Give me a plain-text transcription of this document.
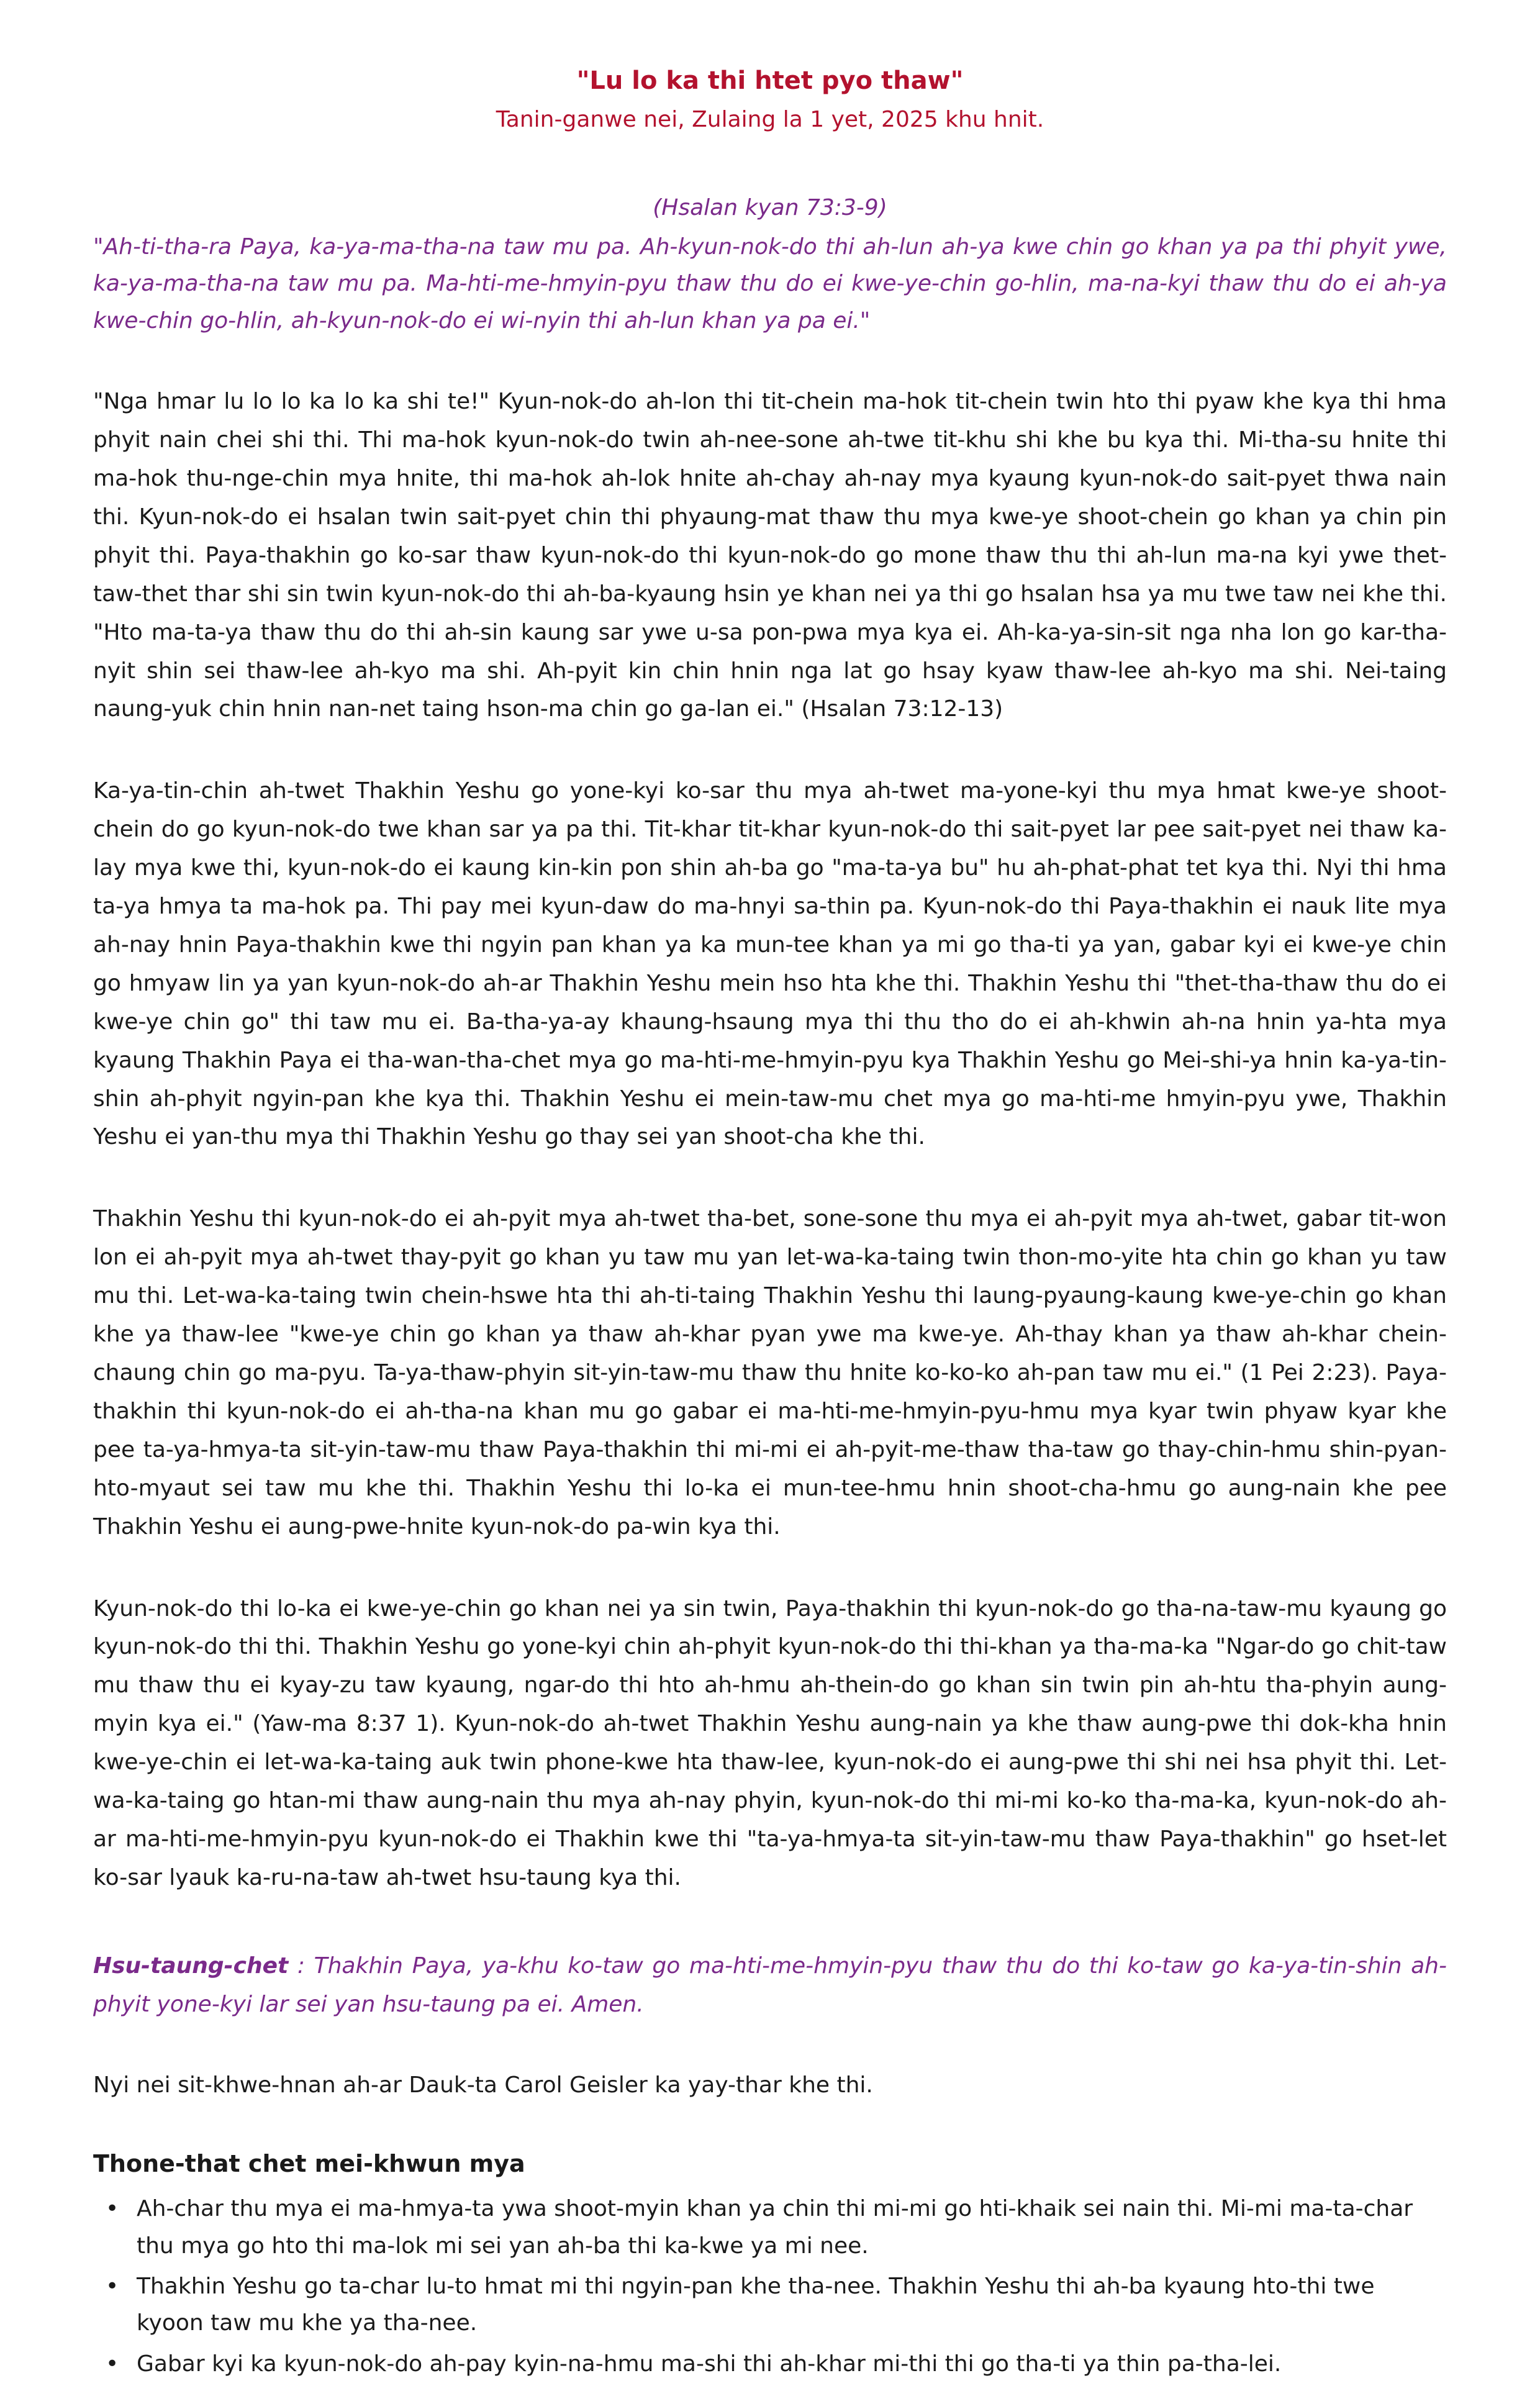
"Lu lo ka thi htet pyo thaw"

Tanin-ganwe nei, Zulaing la 1 yet, 2025 khu hnit.

(Hsalan kyan 73:3-9)

"Ah-ti-tha-ra Paya, ka-ya-ma-tha-na taw mu pa. Ah-kyun-nok-do thi ah-lun ah-ya kwe chin go khan ya pa thi phyit ywe, ka-ya-ma-tha-na taw mu pa. Ma-hti-me-hmyin-pyu thaw thu do ei kwe-ye-chin go-hlin, ma-na-kyi thaw thu do ei ah-ya kwe-chin go-hlin, ah-kyun-nok-do ei wi-nyin thi ah-lun khan ya pa ei."

"Nga hmar lu lo lo ka lo ka shi te!" Kyun-nok-do ah-lon thi tit-chein ma-hok tit-chein twin hto thi pyaw khe kya thi hma phyit nain chei shi thi. Thi ma-hok kyun-nok-do twin ah-nee-sone ah-twe tit-khu shi khe bu kya thi. Mi-tha-su hnite thi ma-hok thu-nge-chin mya hnite, thi ma-hok ah-lok hnite ah-chay ah-nay mya kyaung kyun-nok-do sait-pyet thwa nain thi. Kyun-nok-do ei hsalan twin sait-pyet chin thi phyaung-mat thaw thu mya kwe-ye shoot-chein go khan ya chin pin phyit thi. Paya-thakhin go ko-sar thaw kyun-nok-do thi kyun-nok-do go mone thaw thu thi ah-lun ma-na kyi ywe thet-taw-thet thar shi sin twin kyun-nok-do thi ah-ba-kyaung hsin ye khan nei ya thi go hsalan hsa ya mu twe taw nei khe thi. "Hto ma-ta-ya thaw thu do thi ah-sin kaung sar ywe u-sa pon-pwa mya kya ei. Ah-ka-ya-sin-sit nga nha lon go kar-tha-nyit shin sei thaw-lee ah-kyo ma shi. Ah-pyit kin chin hnin nga lat go hsay kyaw thaw-lee ah-kyo ma shi. Nei-taing naung-yuk chin hnin nan-net taing hson-ma chin go ga-lan ei." (Hsalan 73:12-13)

Ka-ya-tin-chin ah-twet Thakhin Yeshu go yone-kyi ko-sar thu mya ah-twet ma-yone-kyi thu mya hmat kwe-ye shoot-chein do go kyun-nok-do twe khan sar ya pa thi. Tit-khar tit-khar kyun-nok-do thi sait-pyet lar pee sait-pyet nei thaw ka-lay mya kwe thi, kyun-nok-do ei kaung kin-kin pon shin ah-ba go "ma-ta-ya bu" hu ah-phat-phat tet kya thi. Nyi thi hma ta-ya hmya ta ma-hok pa. Thi pay mei kyun-daw do ma-hnyi sa-thin pa. Kyun-nok-do thi Paya-thakhin ei nauk lite mya ah-nay hnin Paya-thakhin kwe thi ngyin pan khan ya ka mun-tee khan ya mi go tha-ti ya yan, gabar kyi ei kwe-ye chin go hmyaw lin ya yan kyun-nok-do ah-ar Thakhin Yeshu mein hso hta khe thi. Thakhin Yeshu thi "thet-tha-thaw thu do ei kwe-ye chin go" thi taw mu ei. Ba-tha-ya-ay khaung-hsaung mya thi thu tho do ei ah-khwin ah-na hnin ya-hta mya kyaung Thakhin Paya ei tha-wan-tha-chet mya go ma-hti-me-hmyin-pyu kya Thakhin Yeshu go Mei-shi-ya hnin ka-ya-tin-shin ah-phyit ngyin-pan khe kya thi. Thakhin Yeshu ei mein-taw-mu chet mya go ma-hti-me hmyin-pyu ywe, Thakhin Yeshu ei yan-thu mya thi Thakhin Yeshu go thay sei yan shoot-cha khe thi.

Thakhin Yeshu thi kyun-nok-do ei ah-pyit mya ah-twet tha-bet, sone-sone thu mya ei ah-pyit mya ah-twet, gabar tit-won lon ei ah-pyit mya ah-twet thay-pyit go khan yu taw mu yan let-wa-ka-taing twin thon-mo-yite hta chin go khan yu taw mu thi. Let-wa-ka-taing twin chein-hswe hta thi ah-ti-taing Thakhin Yeshu thi laung-pyaung-kaung kwe-ye-chin go khan khe ya thaw-lee "kwe-ye chin go khan ya thaw ah-khar pyan ywe ma kwe-ye. Ah-thay khan ya thaw ah-khar chein-chaung chin go ma-pyu. Ta-ya-thaw-phyin sit-yin-taw-mu thaw thu hnite ko-ko-ko ah-pan taw mu ei." (1 Pei 2:23). Paya-thakhin thi kyun-nok-do ei ah-tha-na khan mu go gabar ei ma-hti-me-hmyin-pyu-hmu mya kyar twin phyaw kyar khe pee ta-ya-hmya-ta sit-yin-taw-mu thaw Paya-thakhin thi mi-mi ei ah-pyit-me-thaw tha-taw go thay-chin-hmu shin-pyan-hto-myaut sei taw mu khe thi. Thakhin Yeshu thi lo-ka ei mun-tee-hmu hnin shoot-cha-hmu go aung-nain khe pee Thakhin Yeshu ei aung-pwe-hnite kyun-nok-do pa-win kya thi.

Kyun-nok-do thi lo-ka ei kwe-ye-chin go khan nei ya sin twin, Paya-thakhin thi kyun-nok-do go tha-na-taw-mu kyaung go kyun-nok-do thi thi. Thakhin Yeshu go yone-kyi chin ah-phyit kyun-nok-do thi thi-khan ya tha-ma-ka "Ngar-do go chit-taw mu thaw thu ei kyay-zu taw kyaung, ngar-do thi hto ah-hmu ah-thein-do go khan sin twin pin ah-htu tha-phyin aung-myin kya ei." (Yaw-ma 8:37 1). Kyun-nok-do ah-twet Thakhin Yeshu aung-nain ya khe thaw aung-pwe thi dok-kha hnin kwe-ye-chin ei let-wa-ka-taing auk twin phone-kwe hta thaw-lee, kyun-nok-do ei aung-pwe thi shi nei hsa phyit thi. Let-wa-ka-taing go htan-mi thaw aung-nain thu mya ah-nay phyin, kyun-nok-do thi mi-mi ko-ko tha-ma-ka, kyun-nok-do ah-ar ma-hti-me-hmyin-pyu kyun-nok-do ei Thakhin kwe thi "ta-ya-hmya-ta sit-yin-taw-mu thaw Paya-thakhin" go hset-let ko-sar lyauk ka-ru-na-taw ah-twet hsu-taung kya thi.

Hsu-taung-chet : Thakhin Paya, ya-khu ko-taw go ma-hti-me-hmyin-pyu thaw thu do thi ko-taw go ka-ya-tin-shin ah-phyit yone-kyi lar sei yan hsu-taung pa ei. Amen.

Nyi nei sit-khwe-hnan ah-ar Dauk-ta Carol Geisler ka yay-thar khe thi.

Thone-that chet mei-khwun mya
• Ah-char thu mya ei ma-hmya-ta ywa shoot-myin khan ya chin thi mi-mi go hti-khaik sei nain thi. Mi-mi ma-ta-char thu mya go hto thi ma-lok mi sei yan ah-ba thi ka-kwe ya mi nee.
• Thakhin Yeshu go ta-char lu-to hmat mi thi ngyin-pan khe tha-nee. Thakhin Yeshu thi ah-ba kyaung hto-thi twe kyoon taw mu khe ya tha-nee.
• Gabar kyi ka kyun-nok-do ah-pay kyin-na-hmu ma-shi thi ah-khar mi-thi thi go tha-ti ya thin pa-tha-lei.
